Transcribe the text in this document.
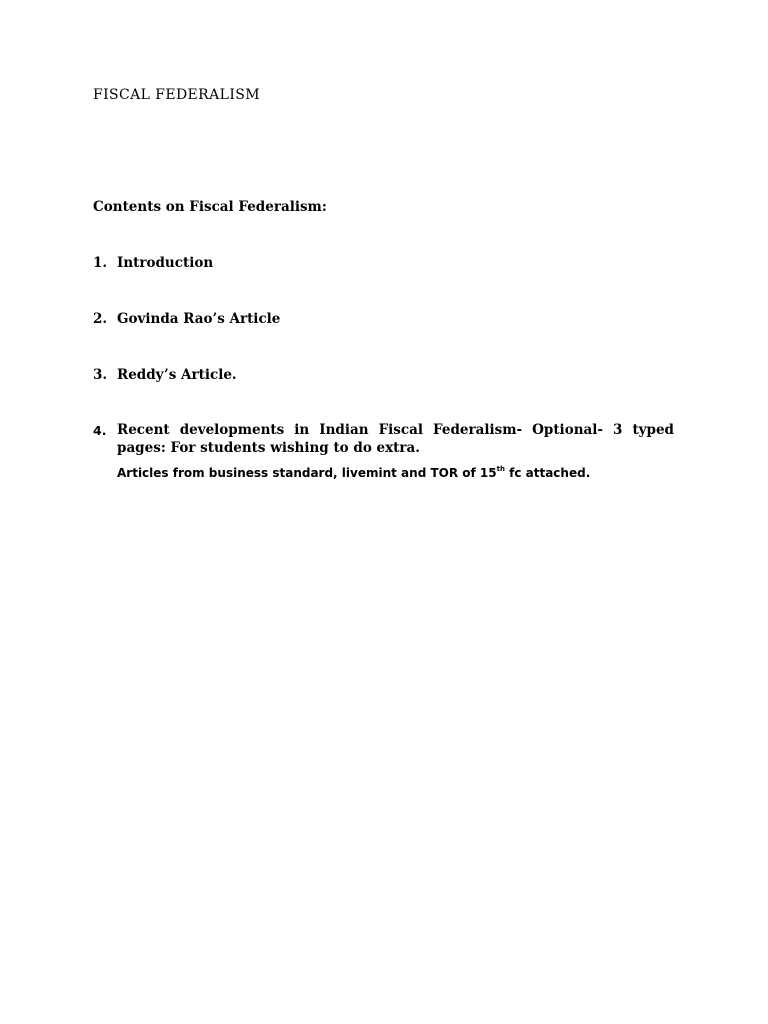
FISCAL FEDERALISM
Contents on Fiscal Federalism:
1. Introduction
2. Govinda Rao’s Article
3. Reddy’s Article.
4. Recent developments in Indian Fiscal Federalism- Optional- 3 typed pages: For students wishing to do extra.
Articles from business standard, livemint and TOR of 15th fc attached.
